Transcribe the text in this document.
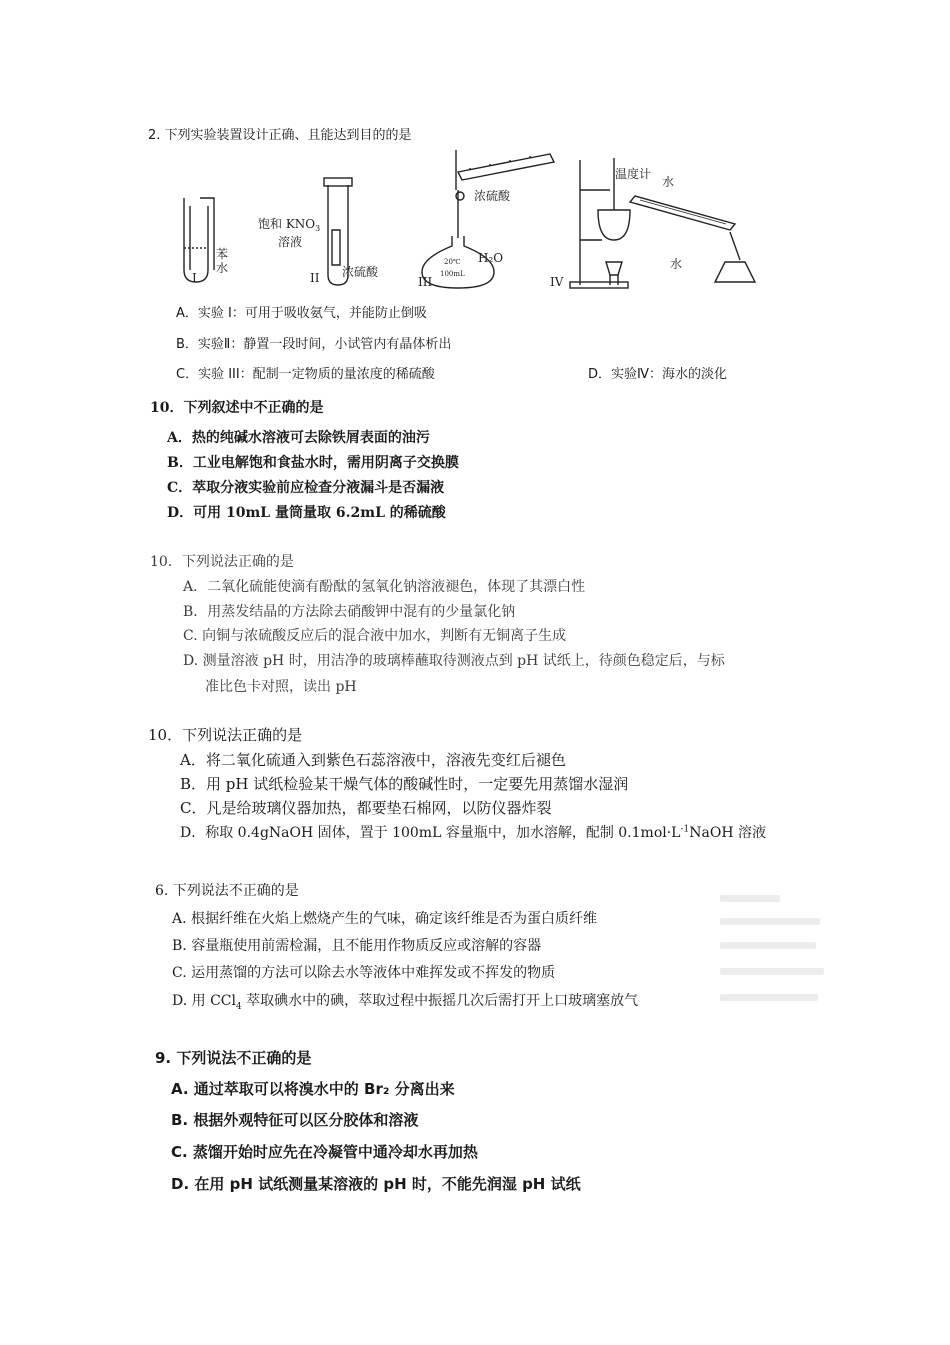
2. 下列实验装置设计正确、且能达到目的的是
I
苯
水
II
饱和 $KNO_3$
溶液
浓硫酸
III
浓硫酸
H₂O
20℃
100mL
IV
温度计
水
水
A．实验 I：可用于吸收氨气，并能防止倒吸
B．实验Ⅱ：静置一段时间，小试管内有晶体析出
C．实验 III：配制一定物质的量浓度的稀硫酸	D．实验Ⅳ：海水的淡化
10．下列叙述中不正确的是
A．热的纯碱水溶液可去除铁屑表面的油污
B．工业电解饱和食盐水时，需用阴离子交换膜
C．萃取分液实验前应检查分液漏斗是否漏液
D．可用 10mL 量筒量取 6.2mL 的稀硫酸
10．下列说法正确的是
A．二氧化硫能使滴有酚酞的氢氧化钠溶液褪色，体现了其漂白性
B．用蒸发结晶的方法除去硝酸钾中混有的少量氯化钠
C. 向铜与浓硫酸反应后的混合液中加水，判断有无铜离子生成
D. 测量溶液 pH 时，用洁净的玻璃棒蘸取待测液点到 pH 试纸上，待颜色稳定后，与标
准比色卡对照，读出 pH
10．下列说法正确的是
A．将二氧化硫通入到紫色石蕊溶液中，溶液先变红后褪色
B．用 pH 试纸检验某干燥气体的酸碱性时，一定要先用蒸馏水湿润
C．凡是给玻璃仪器加热，都要垫石棉网，以防仪器炸裂
D．称取 0.4gNaOH 固体，置于 100mL 容量瓶中，加水溶解，配制 $0.1mol\cdot L^{-1}NaOH$ 溶液
6. 下列说法不正确的是
A. 根据纤维在火焰上燃烧产生的气味，确定该纤维是否为蛋白质纤维
B. 容量瓶使用前需检漏，且不能用作物质反应或溶解的容器
C. 运用蒸馏的方法可以除去水等液体中难挥发或不挥发的物质
D. 用 CCl$_4$ 萃取碘水中的碘，萃取过程中振摇几次后需打开上口玻璃塞放气
9. 下列说法不正确的是
A. 通过萃取可以将溴水中的 Br₂ 分离出来
B. 根据外观特征可以区分胶体和溶液
C. 蒸馏开始时应先在冷凝管中通冷却水再加热
D. 在用 pH 试纸测量某溶液的 pH 时，不能先润湿 pH 试纸
